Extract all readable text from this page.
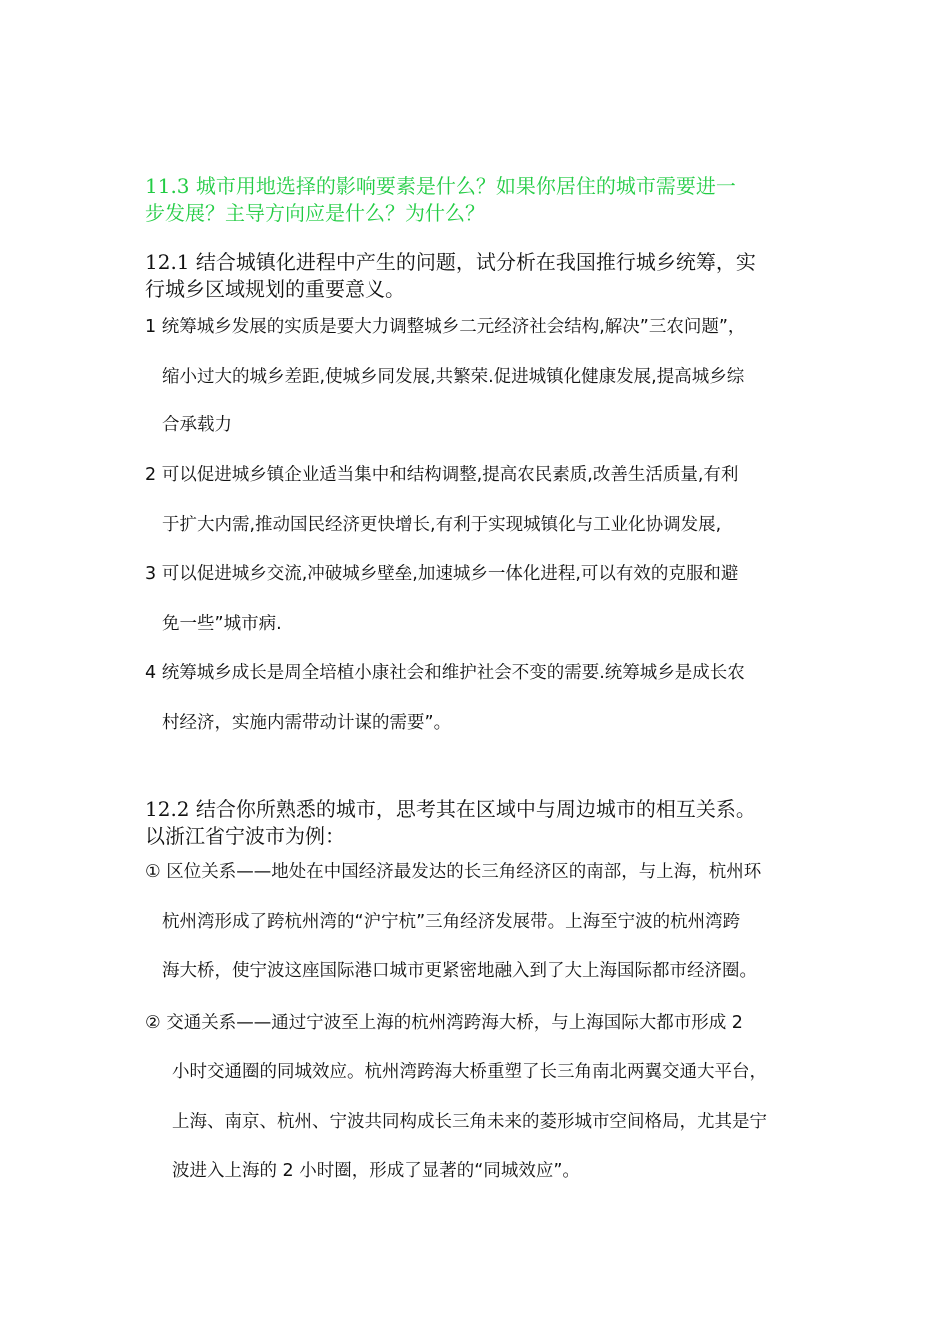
11.3 城市用地选择的影响要素是什么？如果你居住的城市需要进一
步发展？主导方向应是什么？为什么？
12.1 结合城镇化进程中产生的问题，试分析在我国推行城乡统筹，实
行城乡区域规划的重要意义。
1 统筹城乡发展的实质是要大力调整城乡二元经济社会结构,解决”三农问题”，
缩小过大的城乡差距,使城乡同发展,共繁荣.促进城镇化健康发展,提高城乡综
合承载力
2 可以促进城乡镇企业适当集中和结构调整,提高农民素质,改善生活质量,有利
于扩大内需,推动国民经济更快增长,有利于实现城镇化与工业化协调发展,
3 可以促进城乡交流,冲破城乡壁垒,加速城乡一体化进程,可以有效的克服和避
免一些”城市病.
4 统筹城乡成长是周全培植小康社会和维护社会不变的需要.统筹城乡是成长农
村经济，实施内需带动计谋的需要”。
12.2 结合你所熟悉的城市，思考其在区域中与周边城市的相互关系。
以浙江省宁波市为例：
① 区位关系——地处在中国经济最发达的长三角经济区的南部，与上海，杭州环
杭州湾形成了跨杭州湾的“沪宁杭”三角经济发展带。上海至宁波的杭州湾跨
海大桥，使宁波这座国际港口城市更紧密地融入到了大上海国际都市经济圈。
② 交通关系——通过宁波至上海的杭州湾跨海大桥，与上海国际大都市形成 2
小时交通圈的同城效应。杭州湾跨海大桥重塑了长三角南北两翼交通大平台，
上海、南京、杭州、宁波共同构成长三角未来的菱形城市空间格局，尤其是宁
波进入上海的 2 小时圈，形成了显著的“同城效应”。
